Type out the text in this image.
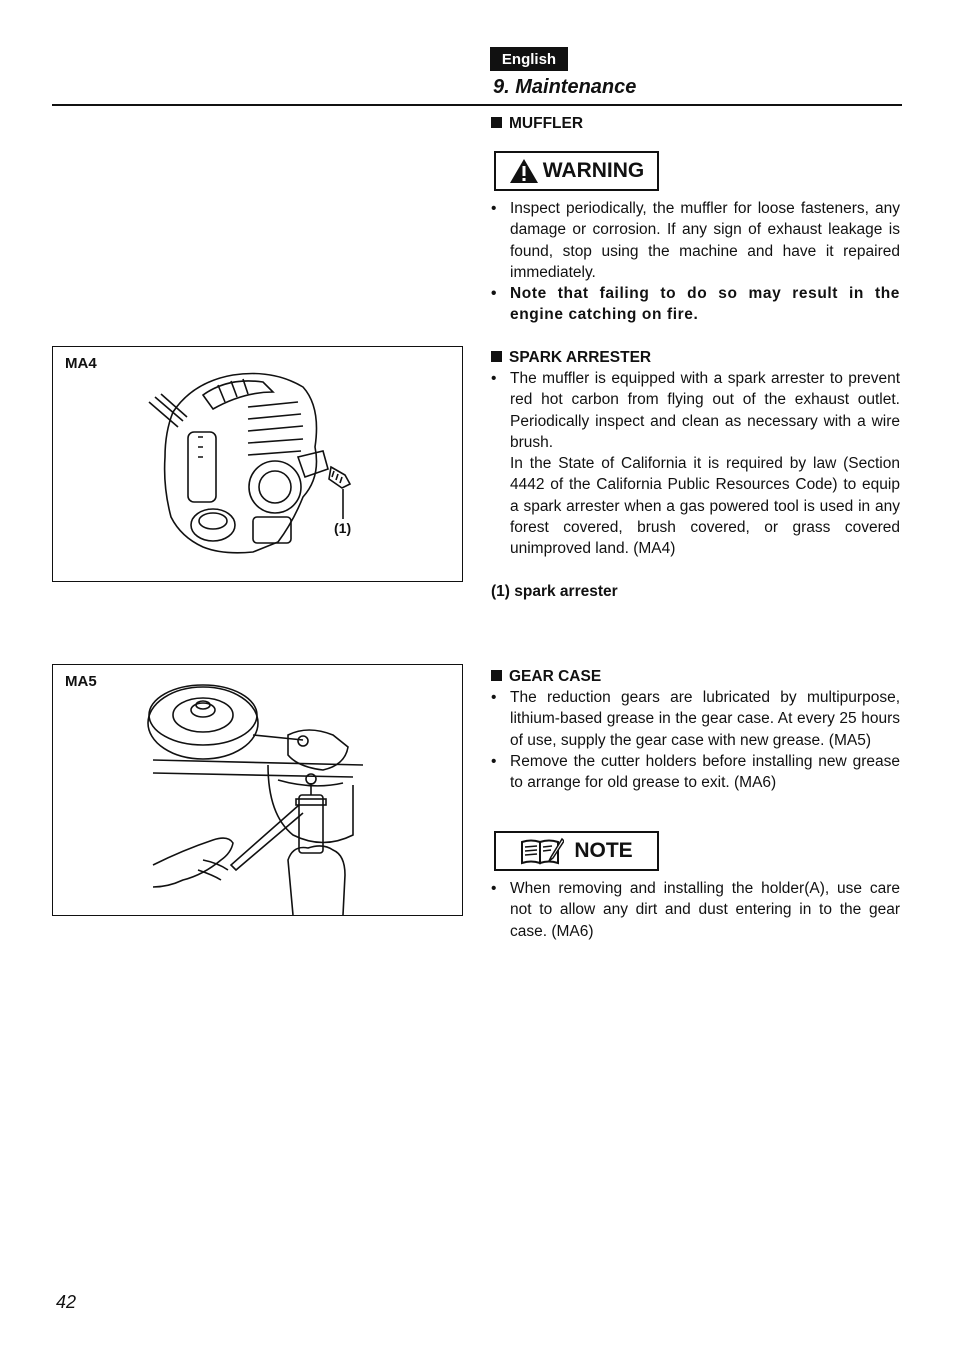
English
9. Maintenance
MUFFLER
WARNING
• Inspect periodically, the muffler for loose fasteners, any damage or corrosion. If any sign of exhaust leakage is found, stop using the machine and have it repaired immediately.
• Note that failing to do so may result in the engine catching on fire.
SPARK ARRESTER
• The muffler is equipped with a spark arrester to prevent red hot carbon from flying out of the exhaust outlet. Periodically inspect and clean as necessary with a wire brush.
In the State of California it is required by law (Section 4442 of the California Public Resources Code) to equip a spark arrester when a gas powered tool is used in any forest covered, brush covered, or grass covered unimproved land. (MA4)
(1) spark arrester
GEAR CASE
• The reduction gears are lubricated by multipurpose, lithium-based grease in the gear case. At every 25 hours of use, supply the gear case with new grease. (MA5)
• Remove the cutter holders before installing new grease to arrange for old grease to exit. (MA6)
NOTE
• When removing and installing the holder(A), use care not to allow any dirt and dust entering in to the gear case. (MA6)
MA4
(1)
MA5
42
